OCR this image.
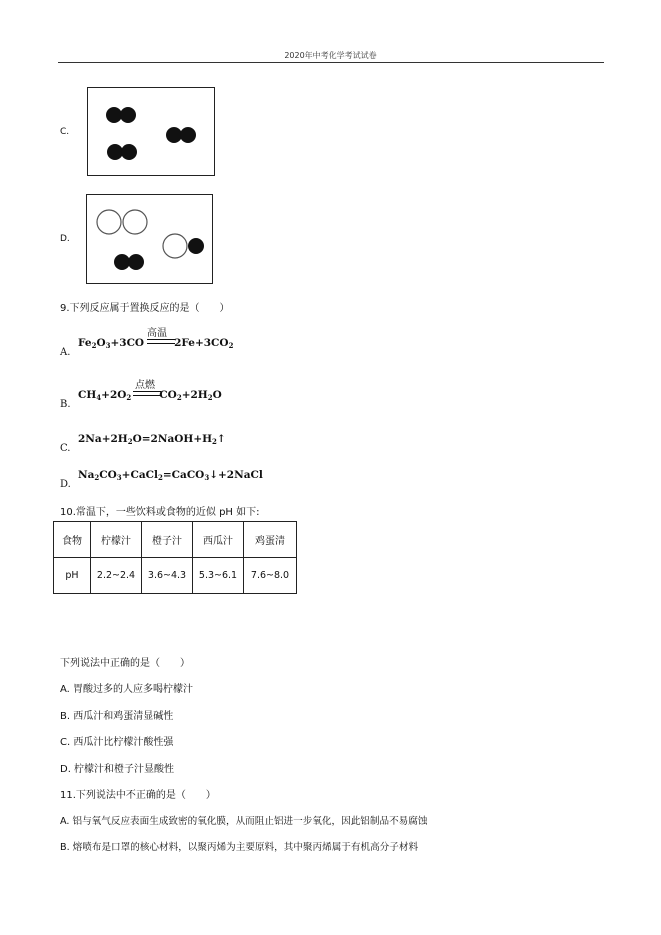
2020年中考化学考试试卷
C.
D.
9.下列反应属于置换反应的是（　　）
A.
$Fe_2O_3+3CO$	$2Fe+3CO_2$
高温
B.
$CH_4+2O_2$	$CO_2+2H_2O$
点燃
C.
$2Na+2H_2O=2NaOH+H_2↑$
D.
$Na_2CO_3+CaCl_2=CaCO_3↓+2NaCl$
10.常温下，一些饮料或食物的近似 pH 如下:
食物	柠檬汁	橙子汁	西瓜汁	鸡蛋清
pH	2.2~2.4	3.6~4.3	5.3~6.1	7.6~8.0
下列说法中正确的是（　　）
A. 胃酸过多的人应多喝柠檬汁
B. 西瓜汁和鸡蛋清显碱性
C. 西瓜汁比柠檬汁酸性强
D. 柠檬汁和橙子汁显酸性
11.下列说法中不正确的是（　　）
A. 铝与氧气反应表面生成致密的氧化膜，从而阻止铝进一步氧化，因此铝制品不易腐蚀
B. 熔喷布是口罩的核心材料，以聚丙烯为主要原料，其中聚丙烯属于有机高分子材料
